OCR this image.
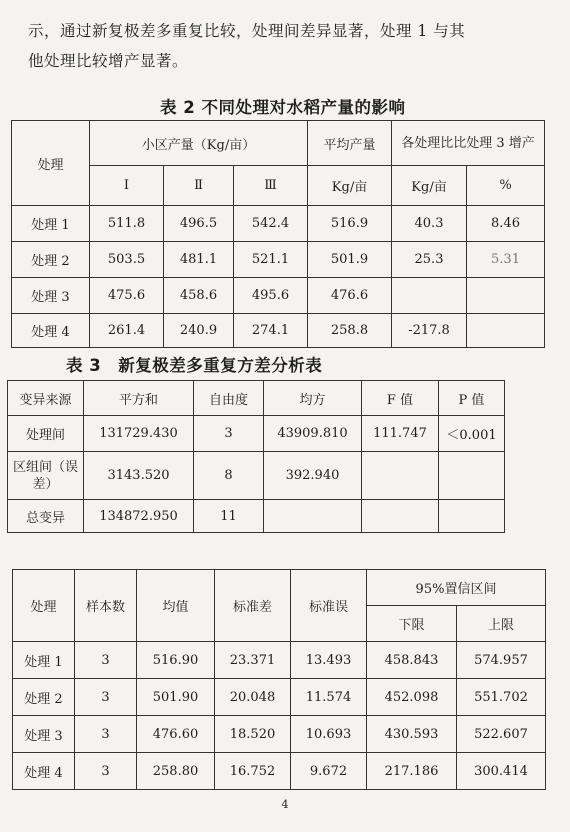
示，通过新复极差多重复比较，处理间差异显著，处理 1 与其
他处理比较增产显著。
表 2 不同处理对水稻产量的影响
处理	小区产量（Kg/亩）			平均产量	各处理比比处理 3 增产	
	I	Ⅱ	Ⅲ	Kg/亩	Kg/亩	%
处理 1	511.8	496.5	542.4	516.9	40.3	8.46
处理 2	503.5	481.1	521.1	501.9	25.3	5.31
处理 3	475.6	458.6	495.6	476.6		
处理 4	261.4	240.9	274.1	258.8	-217.8	
表 3　新复极差多重复方差分析表
变异来源	平方和	自由度	均方	F 值	P 值
处理间	131729.430	3	43909.810	111.747	＜0.001
区组间（误差）	3143.520	8	392.940		
总变异	134872.950	11			
处理	样本数	均值	标准差	标准误	95%置信区间	
					下限	上限
处理 1	3	516.90	23.371	13.493	458.843	574.957
处理 2	3	501.90	20.048	11.574	452.098	551.702
处理 3	3	476.60	18.520	10.693	430.593	522.607
处理 4	3	258.80	16.752	9.672	217.186	300.414
4
